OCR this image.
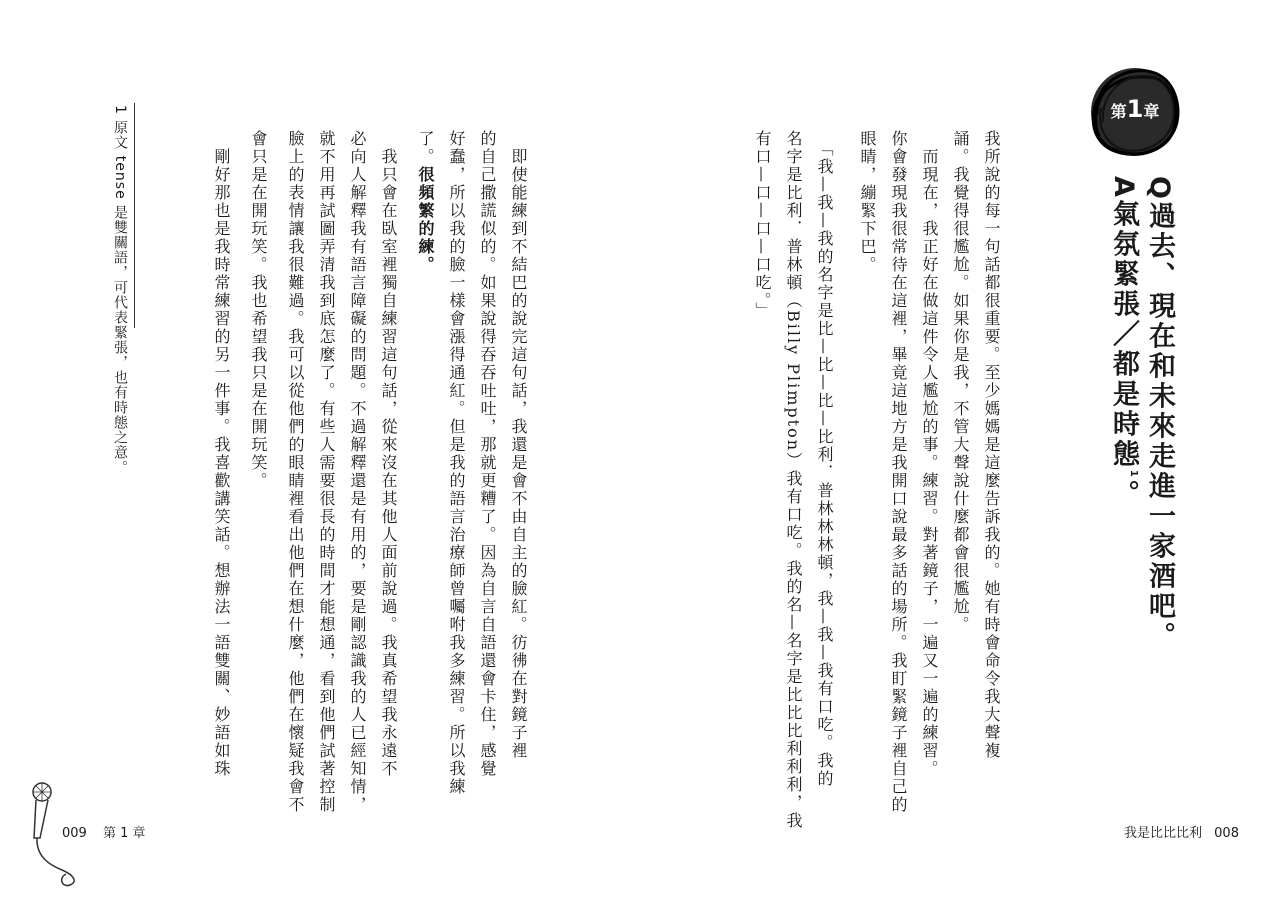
第1章
Q過去、現在和未來走進一家酒吧。
A氣氛緊張／都是時態$^1$。
我所說的每一句話都很重要。至少媽媽是這麼告訴我的。她有時會命令我大聲複
誦。我覺得很尷尬。如果你是我，不管大聲說什麼都會很尷尬。
　而現在，我正好在做這件令人尷尬的事。練習。對著鏡子，一遍又一遍的練習。
你會發現我很常待在這裡，畢竟這地方是我開口說最多話的場所。我盯緊鏡子裡自己的
眼睛，繃緊下巴。
　「我—我—我的名字是比—比—比—比利．普林林林頓，我—我—我有口吃。我的
名字是比利．普林頓（Billy Plimpton）我有口吃。我的名—名字是比比比利利利，我
有口—口—口—口吃。」
　即使能練到不結巴的說完這句話，我還是會不由自主的臉紅。彷彿在對鏡子裡
的自己撒謊似的。如果說得吞吞吐吐，那就更糟了。因為自言自語還會卡住，感覺
好蠢，所以我的臉一樣會漲得通紅。但是我的語言治療師曾囑咐我多練習。所以我練
了。很頻繁的練。
　我只會在臥室裡獨自練習這句話，從來沒在其他人面前說過。我真希望我永遠不
必向人解釋我有語言障礙的問題。不過解釋還是有用的，要是剛認識我的人已經知情，
就不用再試圖弄清我到底怎麼了。有些人需要很長的時間才能想通，看到他們試著控制
臉上的表情讓我很難過。我可以從他們的眼睛裡看出他們在想什麼，他們在懷疑我會不
會只是在開玩笑。我也希望我只是在開玩笑。
　剛好那也是我時常練習的另一件事。我喜歡講笑話。想辦法一語雙關、妙語如珠
1 原文 tense 是雙關語，可代表緊張，也有時態之意。
009 第 1 章	我是比比比利 008
